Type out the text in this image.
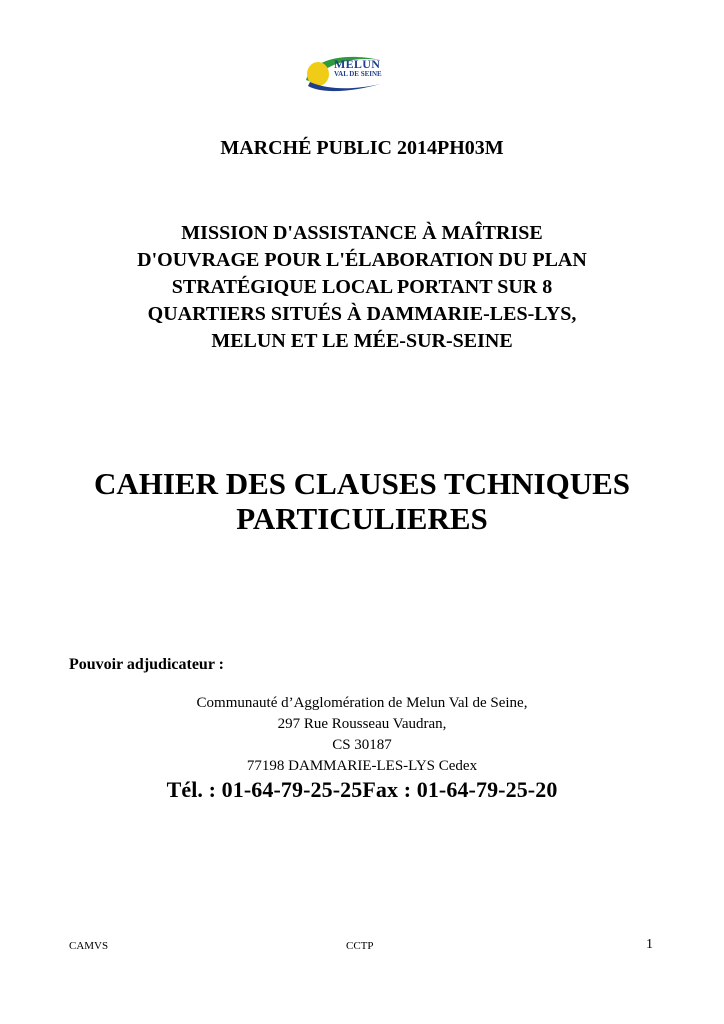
MELUN
VAL DE SEINE
MARCHÉ PUBLIC 2014PH03M
MISSION D'ASSISTANCE À MAÎTRISE
D'OUVRAGE POUR L'ÉLABORATION DU PLAN
STRATÉGIQUE LOCAL PORTANT SUR 8
QUARTIERS SITUÉS À DAMMARIE-LES-LYS,
MELUN ET LE MÉE-SUR-SEINE
CAHIER DES CLAUSES TCHNIQUES
PARTICULIERES
Pouvoir adjudicateur :
Communauté d’Agglomération de Melun Val de Seine,
297 Rue Rousseau Vaudran,
CS 30187
77198 DAMMARIE-LES-LYS Cedex
Tél. : 01-64-79-25-25Fax : 01-64-79-25-20
CAMVS	CCTP	1
